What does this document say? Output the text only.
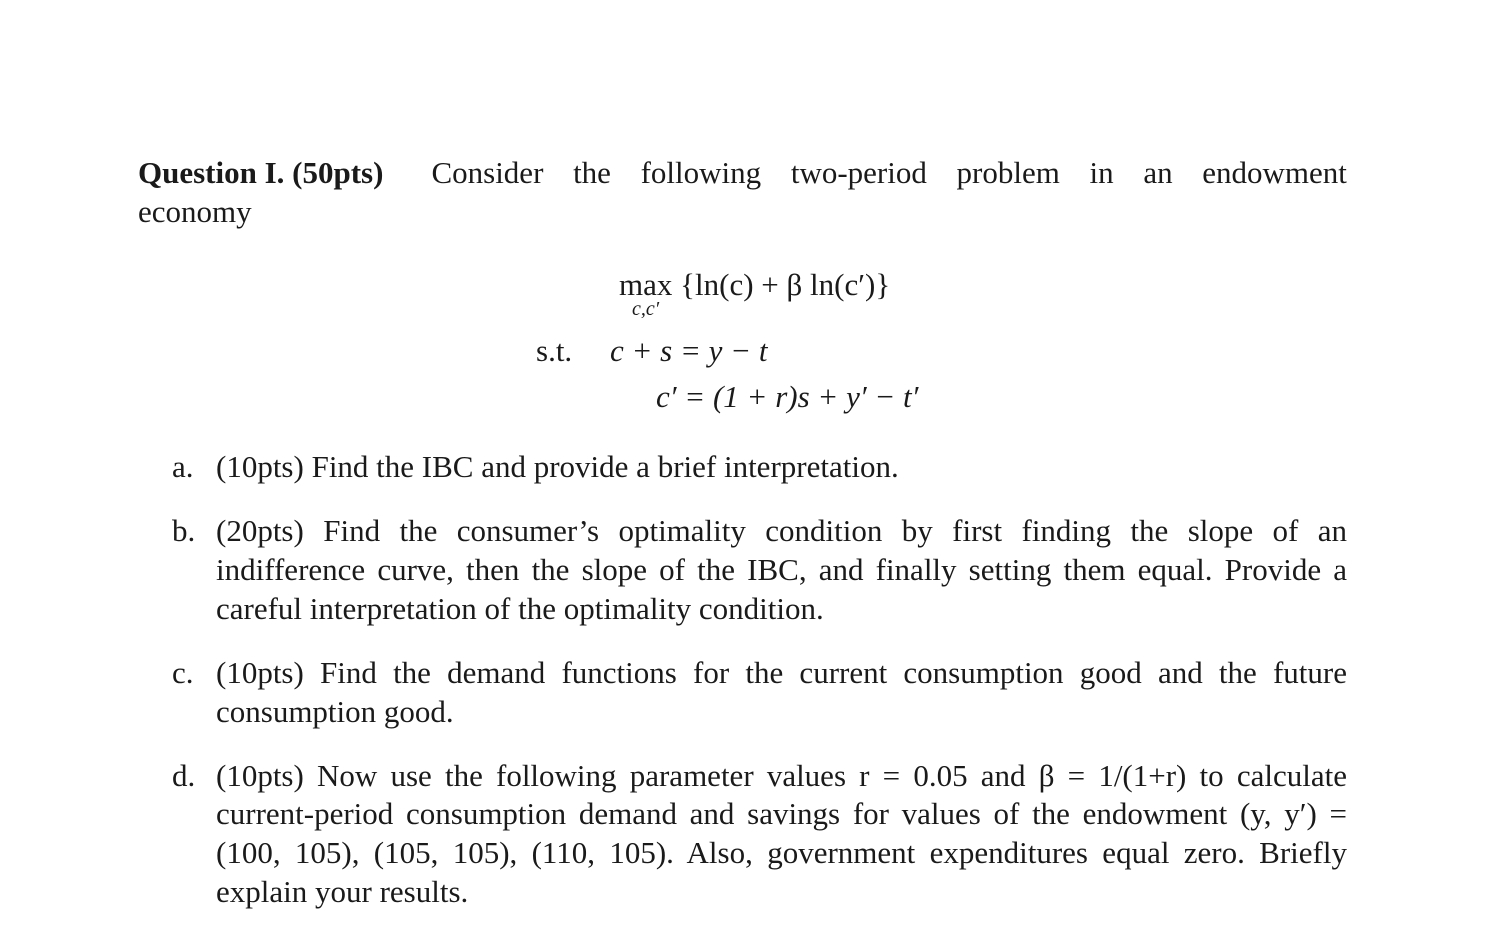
Question I. (50pts) Consider the following two-period problem in an endowment
economy
max {ln(c) + β ln(c′)}
c,c′
s.t. c + s = y − t
c′ = (1 + r)s + y′ − t′
a. (10pts) Find the IBC and provide a brief interpretation.
b. (20pts) Find the consumer’s optimality condition by first finding the slope of an indifference curve, then the slope of the IBC, and finally setting them equal. Provide a careful interpretation of the optimality condition.
c. (10pts) Find the demand functions for the current consumption good and the future consumption good.
d. (10pts) Now use the following parameter values r = 0.05 and β = 1/(1+r) to calculate current-period consumption demand and savings for values of the endowment (y, y′) = (100, 105), (105, 105), (110, 105). Also, government expenditures equal zero. Briefly explain your results.
